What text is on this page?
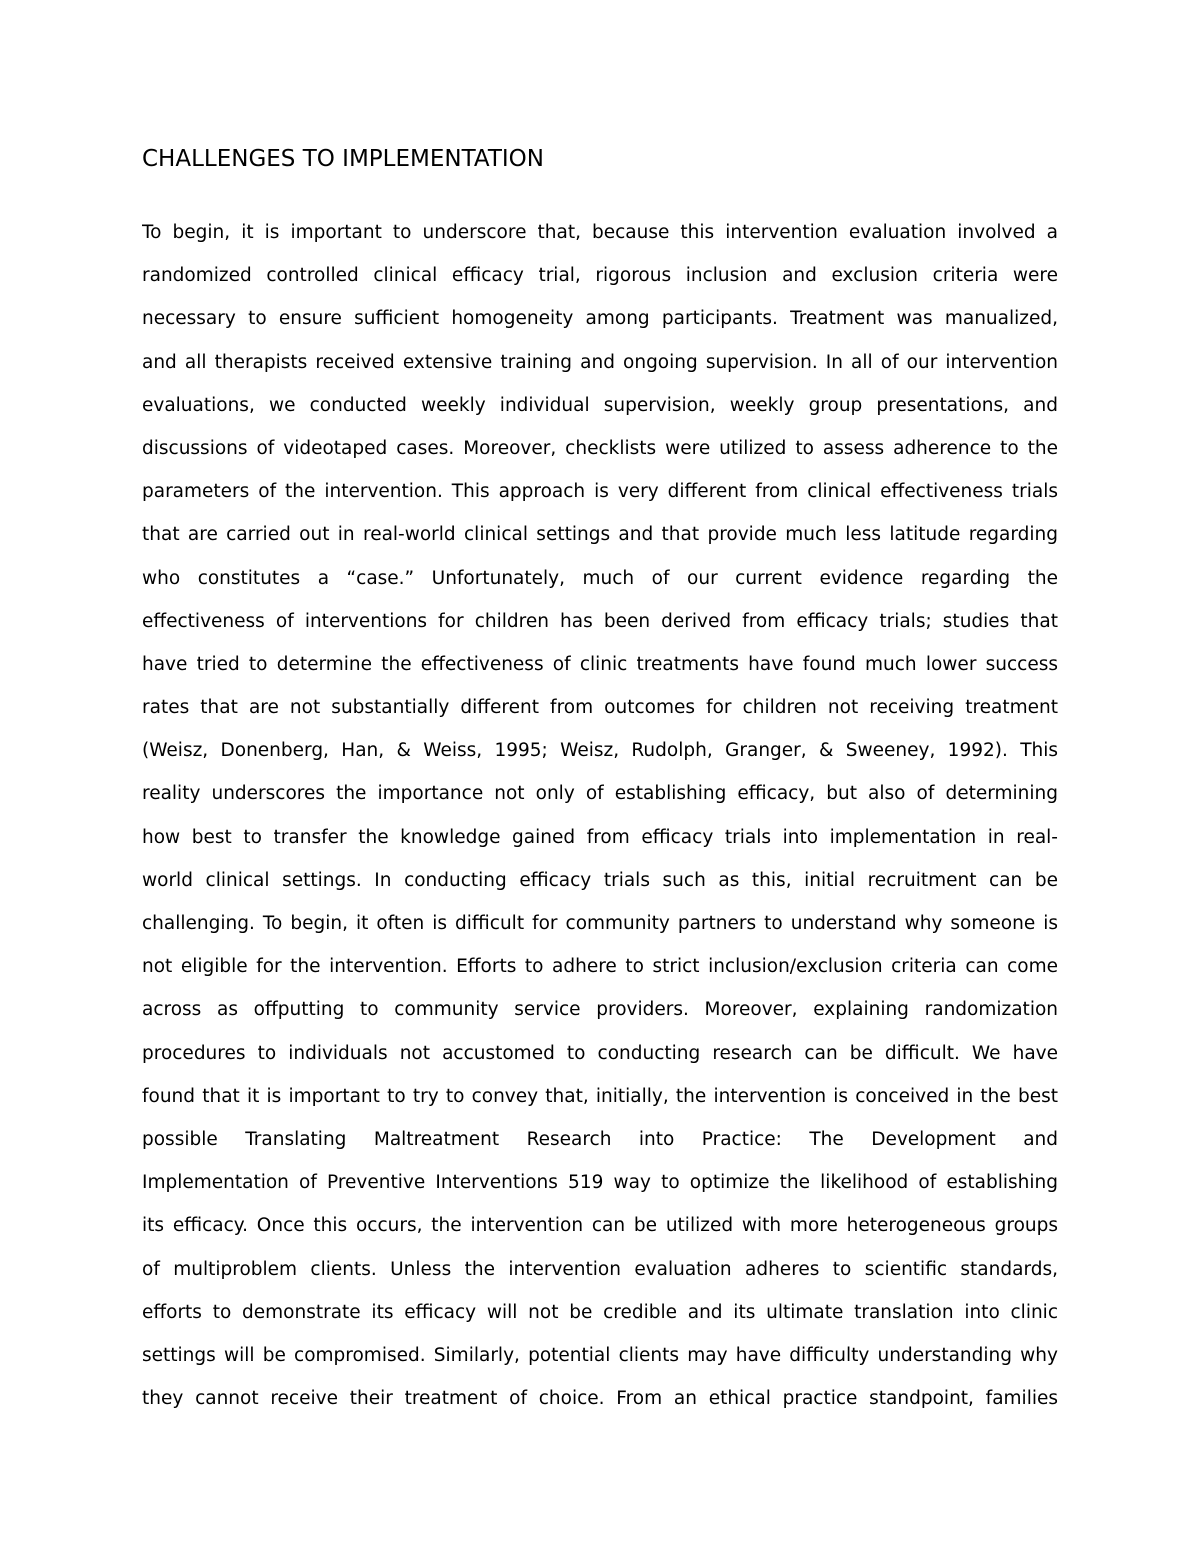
CHALLENGES TO IMPLEMENTATION
To begin, it is important to underscore that, because this intervention evaluation involved a
randomized controlled clinical efficacy trial, rigorous inclusion and exclusion criteria were
necessary to ensure sufficient homogeneity among participants. Treatment was manualized,
and all therapists received extensive training and ongoing supervision. In all of our intervention
evaluations, we conducted weekly individual supervision, weekly group presentations, and
discussions of videotaped cases. Moreover, checklists were utilized to assess adherence to the
parameters of the intervention. This approach is very different from clinical effectiveness trials
that are carried out in real-world clinical settings and that provide much less latitude regarding
who constitutes a “case.” Unfortunately, much of our current evidence regarding the
effectiveness of interventions for children has been derived from efficacy trials; studies that
have tried to determine the effectiveness of clinic treatments have found much lower success
rates that are not substantially different from outcomes for children not receiving treatment
(Weisz, Donenberg, Han, & Weiss, 1995; Weisz, Rudolph, Granger, & Sweeney, 1992). This
reality underscores the importance not only of establishing efficacy, but also of determining
how best to transfer the knowledge gained from efficacy trials into implementation in real-
world clinical settings. In conducting efficacy trials such as this, initial recruitment can be
challenging. To begin, it often is difficult for community partners to understand why someone is
not eligible for the intervention. Efforts to adhere to strict inclusion/exclusion criteria can come
across as offputting to community service providers. Moreover, explaining randomization
procedures to individuals not accustomed to conducting research can be difficult. We have
found that it is important to try to convey that, initially, the intervention is conceived in the best
possible Translating Maltreatment Research into Practice: The Development and
Implementation of Preventive Interventions 519 way to optimize the likelihood of establishing
its efficacy. Once this occurs, the intervention can be utilized with more heterogeneous groups
of multiproblem clients. Unless the intervention evaluation adheres to scientific standards,
efforts to demonstrate its efficacy will not be credible and its ultimate translation into clinic
settings will be compromised. Similarly, potential clients may have difficulty understanding why
they cannot receive their treatment of choice. From an ethical practice standpoint, families
